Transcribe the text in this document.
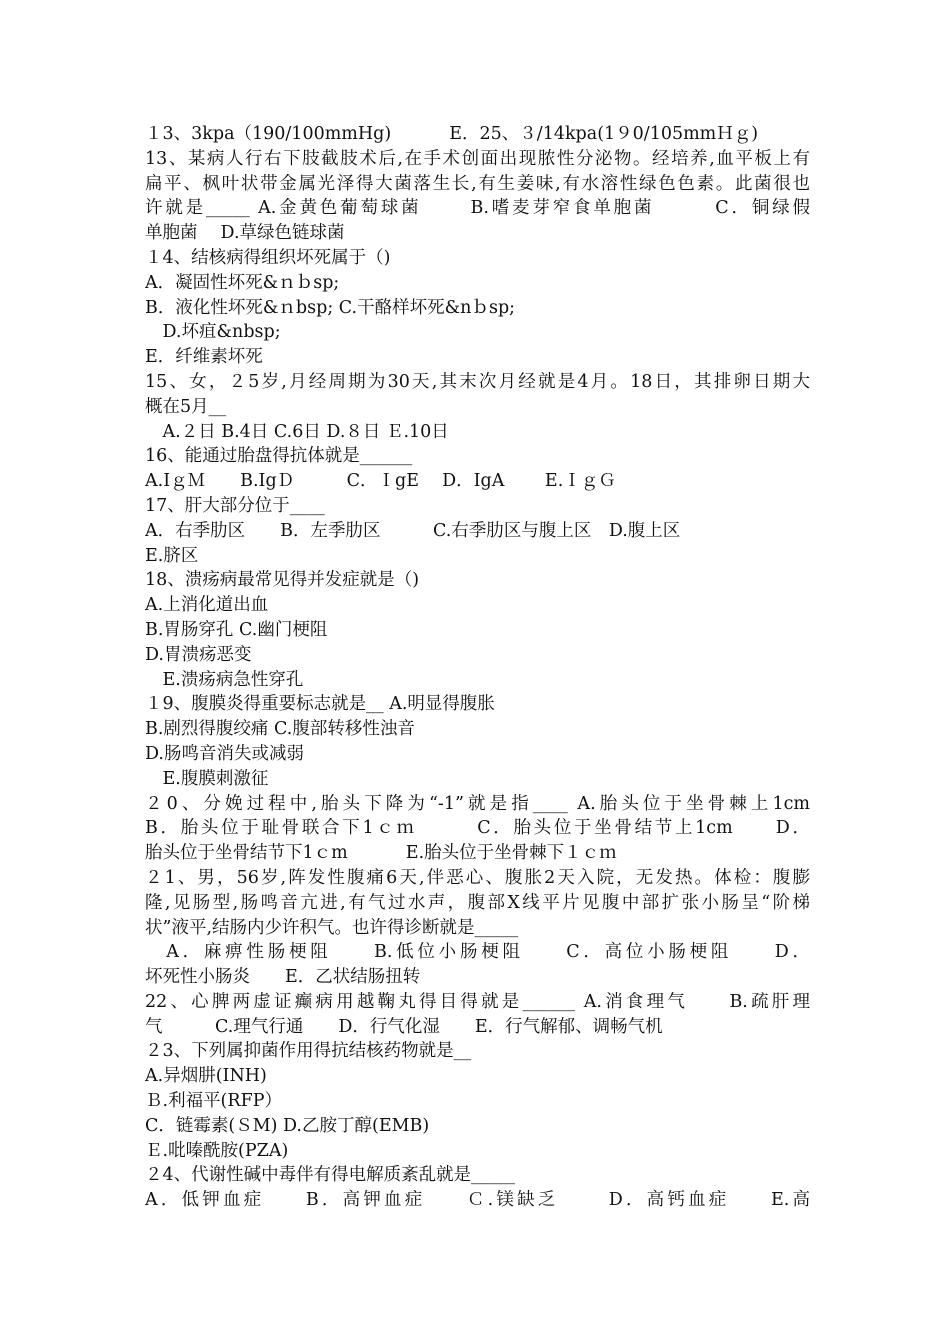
１3、3kpa（190/100mmHg)　　　 E．25、３/14kpa(1９0/105mmＨｇ)
13、某病人行右下肢截肢术后,在手术创面出现脓性分泌物。经培养,血平板上有
扁平、枫叶状带金属光泽得大菌落生长,有生姜味,有水溶性绿色色素。此菌很也
许就是_____ A.金黄色葡萄球菌　　 B.嗜麦芽窄食单胞菌　　　C．铜绿假
单胞菌　 D.草绿色链球菌
１4、结核病得组织坏死属于（)
A．凝固性坏死&ｎｂsp;
B．液化性坏死&ｎbsp; C.干酪样坏死&nｂsp;
　D.坏疽&nbsp;
E．纤维素坏死
15、女，２5岁,月经周期为30天,其末次月经就是4月。18日，其排卵日期大
概在5月__
　A.２日 B.4日 C.6日 D.８日 Ｅ.10日
16、能通过胎盘得抗体就是______
A.IｇＭ　　B.IgＤ　　　C．ＩgE　 D．IgA　　 E.ＩｇＧ
17、肝大部分位于____
A．右季肋区　　B．左季肋区　　　C.右季肋区与腹上区　D.腹上区
E.脐区
18、溃疡病最常见得并发症就是（)
A.上消化道出血
B.胃肠穿孔 C.幽门梗阻
D.胃溃疡恶变
　E.溃疡病急性穿孔
１9、腹膜炎得重要标志就是__ A.明显得腹胀
B.剧烈得腹绞痛 C.腹部转移性浊音
D.肠鸣音消失或减弱
　E.腹膜刺激征
２0、分娩过程中,胎头下降为“-1”就是指____ A.胎头位于坐骨棘上1cm
B．胎头位于耻骨联合下1ｃｍ　　　C．胎头位于坐骨结节上1cm　　D．
胎头位于坐骨结节下1ｃm　　　 E.胎头位于坐骨棘下１ｃｍ
２1、男，56岁,阵发性腹痛6天,伴恶心、腹胀2天入院，无发热。体检：腹膨
隆,见肠型,肠鸣音亢进,有气过水声，腹部X线平片见腹中部扩张小肠呈“阶梯
状”液平,结肠内少许积气。也许得诊断就是_____
　A．麻痹性肠梗阻　　B.低位小肠梗阻　　C．高位小肠梗阻　　D．
坏死性小肠炎　　E．乙状结肠扭转
22、心脾两虚证癫病用越鞠丸得目得就是______ A.消食理气　　B.疏肝理
气　　　C.理气行通　　D．行气化湿　　E．行气解郁、调畅气机
２3、下列属抑菌作用得抗结核药物就是__
A.异烟肼(INH)
Ｂ.利福平(RFP）
C．链霉素(ＳM) D.乙胺丁醇(EMB)
Ｅ.吡嗪酰胺(PZA)
２4、代谢性碱中毒伴有得电解质紊乱就是_____
A．低钾血症　　B．高钾血症　　Ｃ.镁缺乏　　 D．高钙血症　　E.高
